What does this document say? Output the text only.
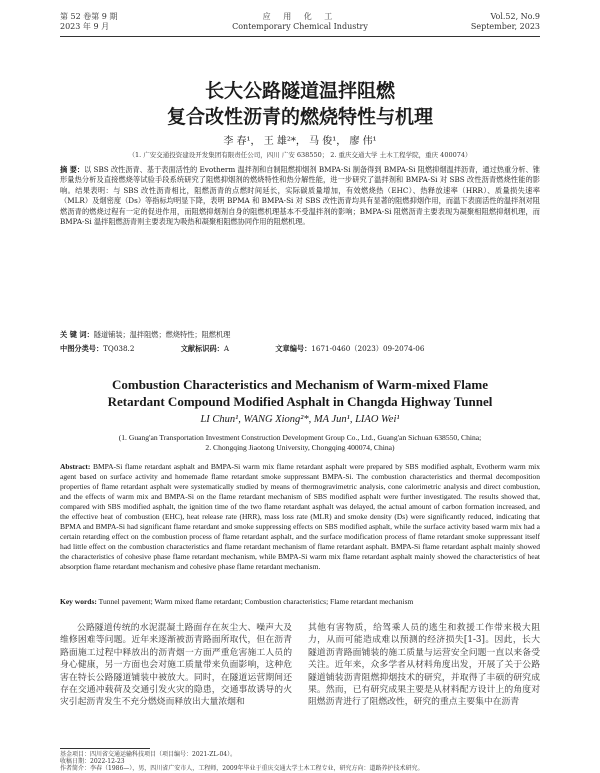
第 52 卷第 9 期
2023 年 9 月
应 用 化 工
Contemporary Chemical Industry
Vol.52, No.9
September, 2023
长大公路隧道温拌阻燃
复合改性沥青的燃烧特性与机理
李 春¹， 王 雄²*， 马 俊¹， 廖 伟¹
（1. 广安交通投资建设开发集团有限责任公司，四川 广安 638550； 2. 重庆交通大学 土木工程学院，重庆 400074）
摘 要：以 SBS 改性沥青、基于表面活性的 Evotherm 温拌剂和自制阻燃抑烟剂 BMPA-Si 制备得到 BMPA-Si 阻燃抑烟温拌沥青，通过热重分析、锥形量热分析及直接燃烧等试验手段系统研究了阻燃抑烟剂的燃烧特性和热分解性能，进一步研究了温拌剂和 BMPA-Si 对 SBS 改性沥青燃烧性能的影响。结果表明：与 SBS 改性沥青相比，阻燃沥青的点燃时间延长，实际碳质量增加，有效燃烧热（EHC）、热释放速率（HRR）、质量损失速率（MLR）及烟密度（Ds）等指标均明显下降，表明 BPMA 和 BMPA-Si 对 SBS 改性沥青均具有显著的阻燃抑烟作用，而温下表面活性的温拌剂对阻燃沥青的燃烧过程有一定的促进作用，而阻燃抑烟剂自身的阻燃机理基本不受温拌剂的影响；BMPA-Si 阻燃沥青主要表现为凝聚相阻燃抑烟机理，而 BMPA-Si 温拌阻燃沥青则主要表现为吸热和凝聚相阻燃协同作用的阻燃机理。
关 键 词：隧道铺装；温拌阻燃；燃烧特性；阻燃机理
中图分类号：TQ038.2	文献标识码：A	文章编号：1671-0460（2023）09-2074-06
Combustion Characteristics and Mechanism of Warm-mixed Flame
Retardant Compound Modified Asphalt in Changda Highway Tunnel
LI Chun¹, WANG Xiong²*, MA Jun¹, LIAO Wei¹
(1. Guang'an Transportation Investment Construction Development Group Co., Ltd., Guang'an Sichuan 638550, China;
2. Chongqing Jiaotong University, Chongqing 400074, China)
Abstract: BMPA-Si flame retardant asphalt and BMPA-Si warm mix flame retardant asphalt were prepared by SBS modified asphalt, Evotherm warm mix agent based on surface activity and homemade flame retardant smoke suppressant BMPA-Si. The combustion characteristics and thermal decomposition properties of flame retardant asphalt were systematically studied by means of thermogravimetric analysis, cone calorimetric analysis and direct combustion, and the effects of warm mix and BMPA-Si on the flame retardant mechanism of SBS modified asphalt were further investigated. The results showed that, compared with SBS modified asphalt, the ignition time of the two flame retardant asphalt was delayed, the actual amount of carbon formation increased, and the effective heat of combustion (EHC), heat release rate (HRR), mass loss rate (MLR) and smoke density (Ds) were significantly reduced, indicating that BPMA and BMPA-Si had significant flame retardant and smoke suppressing effects on SBS modified asphalt, while the surface activity based warm mix had a certain retarding effect on the combustion process of flame retardant asphalt, and the surface modification process of flame retardant smoke suppressant itself had little effect on the combustion characteristics and flame retardant mechanism of flame retardant asphalt. BMPA-Si flame retardant asphalt mainly showed the characteristics of cohesive phase flame retardant mechanism, while BMPA-Si warm mix flame retardant asphalt mainly showed the characteristics of heat absorption flame retardant mechanism and cohesive phase flame retardant mechanism.
Key words: Tunnel pavement; Warm mixed flame retardant; Combustion characteristics; Flame retardant mechanism
公路隧道传统的水泥混凝土路面存在灰尘大、噪声大及维修困难等问题。近年来逐渐被沥青路面所取代，但在沥青路面施工过程中释放出的沥青烟一方面严重危害施工人员的身心健康，另一方面也会对施工质量带来负面影响，这种危害在特长公路隧道铺装中被放大。同时，在隧道运营期间还存在交通冲载荷及交通引发火灾的隐患，交通事故诱导的火灾引起沥青发生不充分燃烧而释放出大量浓烟和
其他有害物质，给驾乘人员的逃生和救援工作带来极大阻力，从而可能造成难以预测的经济损失[1-3]。因此，长大隧道沥青路面铺装的施工质量与运营安全问题一直以来备受关注。近年来，众多学者从材料角度出发，开展了关于公路隧道铺装沥青阻燃抑烟技术的研究，并取得了丰硕的研究成果。然而，已有研究成果主要是从材料配方设计上的角度对阻燃沥青进行了阻燃改性，研究的重点主要集中在沥青
基金项目：四川省交通运输科技项目（项目编号：2021-ZL-04）。
收稿日期：2022-12-23
作者简介：李春（1986—），男，四川省广安市人，工程师，2009年毕业于重庆交通大学土木工程专业，研究方向：道路养护技术研究。
